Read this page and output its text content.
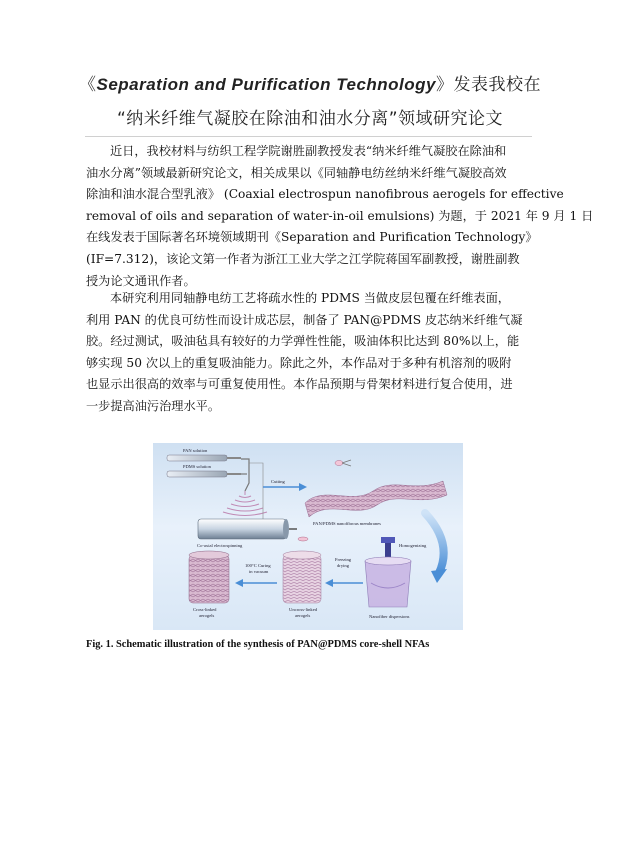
《Separation and Purification Technology》发表我校在
“纳米纤维气凝胶在除油和油水分离”领域研究论文
近日，我校材料与纺织工程学院谢胜副教授发表“纳米纤维气凝胶在除油和
油水分离”领域最新研究论文，相关成果以《同轴静电纺丝纳米纤维气凝胶高效
除油和油水混合型乳液》 (Coaxial electrospun nanofibrous aerogels for effective
removal of oils and separation of water-in-oil emulsions) 为题，于 2021 年 9 月 1 日
在线发表于国际著名环境领域期刊《Separation and Purification Technology》
(IF=7.312)，该论文第一作者为浙江工业大学之江学院蒋国军副教授，谢胜副教
授为论文通讯作者。
本研究利用同轴静电纺工艺将疏水性的 PDMS 当做皮层包覆在纤维表面，
利用 PAN 的优良可纺性而设计成芯层，制备了 PAN@PDMS 皮芯纳米纤维气凝
胶。经过测试，吸油毡具有较好的力学弹性性能，吸油体积比达到 80%以上，能
够实现 50 次以上的重复吸油能力。除此之外，本作品对于多种有机溶剂的吸附
也显示出很高的效率与可重复使用性。本作品预期与骨架材料进行复合使用，进
一步提高油污治理水平。
PAN solution
PDMS solution
Co-axial electrospinning
Cutting
PAN/PDMS nanofibrous membranes
Homogenizing
Nanofiber dispersions
Freezing
drying
Uncross-linked
aerogels
100°C Curing
in vacuum
Cross-linked
aerogels
Fig. 1. Schematic illustration of the synthesis of PAN@PDMS core-shell NFAs
